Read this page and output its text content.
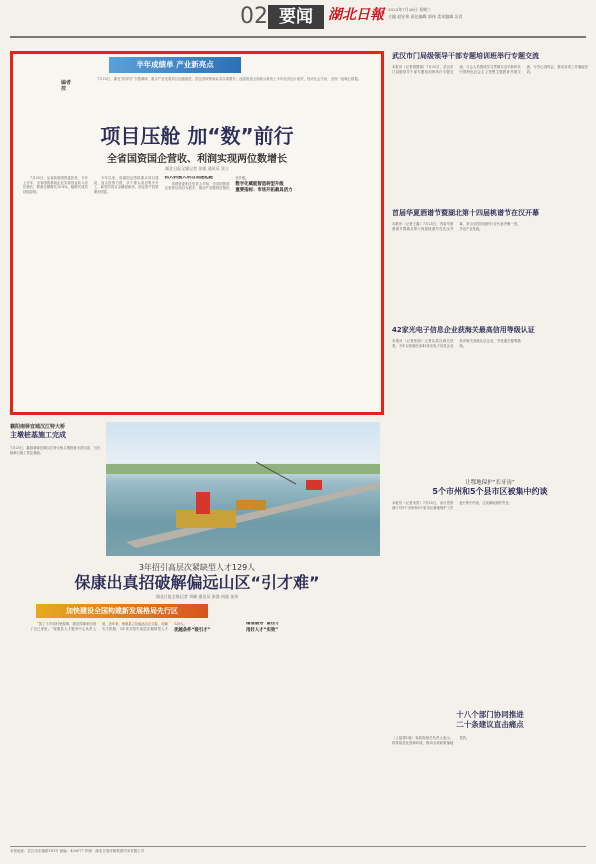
02 要闻	湖北日報 2023年7月26日 星期三
主编 赵宏伟 责任编辑 郭伟 美术编辑 吴君
半年成绩单 产业新亮点
编者按
7月25日，湖北“指导员”专题调研，重点产业发展项目加速推进，国企营收利润双双实现增长。连续报道全面展示我省上半年经济运行成效，回应社会关切，呈现一组暖心数据。
项目压舱 加“数”前行
全省国资国企营收、利润实现两位数增长
湖北日报全媒记者 张媛 通讯员 蔡立

7月25日，从省政府国资委获悉，今年上半年，全省国资系统企业实现营业收入同比增长，利润总额增长15.8%，稳增长成效持续显现。

今年以来，省属国企围绕重点项目建设，加大投资力度，多个重大项目集中开工，新签约项目金额创新高，固定资产投资增长明显。

抓大抓强大项目加速起跑

省国资委相关负责人介绍，全省国资国企坚持以项目为抓手，推动产业链供应链优化升级。

数字化赋能智造转型升级
重要指标：市场开拓最具活力
武汉市门局级领导干部专题培训班举行专题交流
本报讯（记者胡慧娟）7月25日，武汉市门局级领导干部专题培训班举行专题交流。与会人员围绕学习贯彻习近平新时代中国特色社会主义思想主题教育开展交流，分享心得体会，推动各项工作落地见效。
首届华夏酒谱节暨湖北第十四届桃谱节在汉开幕
本报讯（记者王鑫）7月25日，首届华夏酒谱节暨湖北第十四届桃谱节在武汉开幕，来自全国各地的行业代表齐聚一堂，共话产业发展。
42家光电子信息企业获海关最高信用等级认证
本报讯（记者张朋）记者从武汉海关获悉，今年以来湖北省42家光电子信息企业获评海关高级认证企业，享受通关便利措施。
襄阳南驿宜城汉江特大桥
主墩桩基施工完成
7月25日，襄阳南驿宜城汉江特大桥主墩桩基全部完成，为后续承台施工奠定基础。
让鄂地保护“长牙齿”
5个市州和5个县市区被集中约谈
本报讯（记者宋效）7月25日，省自然资源厅对5个市州和5个县市区耕地保护工作进行集中约谈，压实耕地保护责任。
3年招引高层次紧缺型人才129人
保康出真招破解偏远山区“引才难”
湖北日报全媒记者 刘峰 通讯员 张强 胡超 张伟
加快建设全国构建新发展格局先行区

“放了下乡到村里做事，我觉得像家回到了自己家里。”保康县人才服务中心负责人说，近年来，保康县立足偏远山区实际，创新引才机制，3年来共招引高层次紧缺型人才129人。

优越条件“吸引才”
精准服务“留住才”
用好人才“实效”
十八个部门协同推进
二十条建议直击痛点
（上接第1版）省政府相关负责人表示，将持续优化营商环境，推动各项政策落地见效。
本报地址：武汉市东湖路181号 邮编：430077 印刷：湖北日报传媒集团印务有限公司
